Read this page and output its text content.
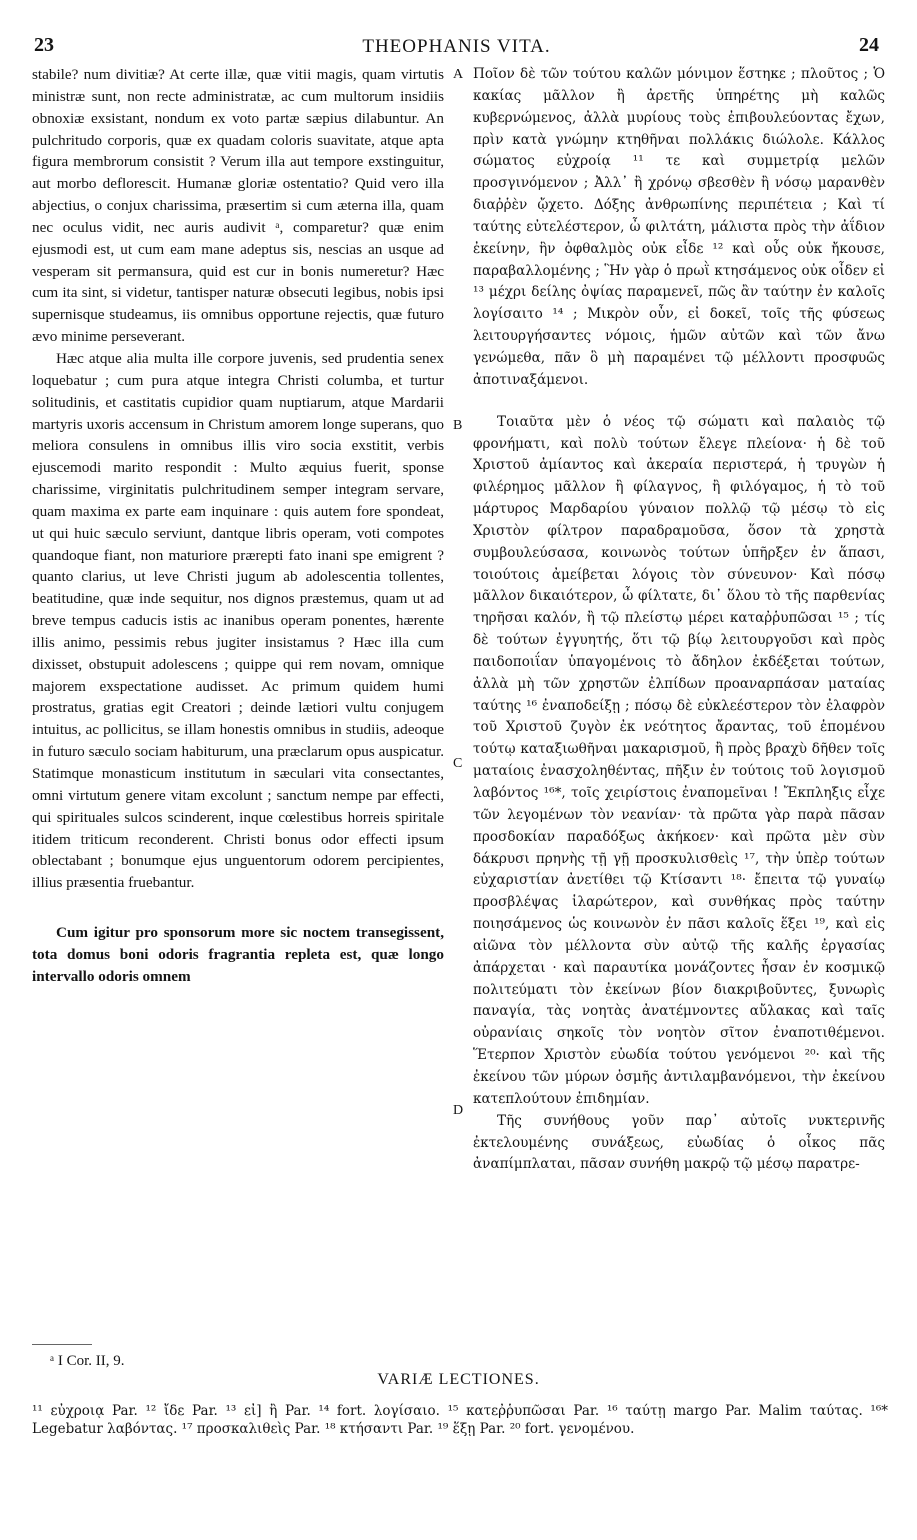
23	THEOPHANIS VITA.	24

stabile? num divitiæ? At certe illæ, quæ vitii magis, quam virtutis ministræ sunt, non recte administratæ, ac cum multorum insidiis obnoxiæ exsistant, nondum ex voto partæ sæpius dilabuntur. An pulchritudo corporis, quæ ex quadam coloris suavitate, atque apta figura membrorum consistit ? Verum illa aut tempore exstinguitur, aut morbo deflorescit. Humanæ gloriæ ostentatio? Quid vero illa abjectius, o conjux charissima, præsertim si cum æterna illa, quam nec oculus vidit, nec auris audivit ᵃ, comparetur? quæ enim ejusmodi est, ut cum eam mane adeptus sis, nescias an usque ad vesperam sit permansura, quid est cur in bonis numeretur? Hæc cum ita sint, si videtur, tantisper naturæ obsecuti legibus, nobis ipsi supernisque studeamus, iis omnibus opportune rejectis, quæ futuro ævo minime perseverant.

Hæc atque alia multa ille corpore juvenis, sed prudentia senex loquebatur ; cum pura atque integra Christi columba, et turtur solitudinis, et castitatis cupidior quam nuptiarum, atque Mardarii martyris uxoris accensum in Christum amorem longe superans, quo meliora consulens in omnibus illis viro socia exstitit, verbis ejuscemodi marito respondit : Multo æquius fuerit, sponse charissime, virginitatis pulchritudinem semper integram servare, quam maxima ex parte eam inquinare : quis autem fore spondeat, ut qui huic sæculo serviunt, dantque libris operam, voti compotes quandoque fiant, non maturiore prærepti fato inani spe emigrent ? quanto clarius, ut leve Christi jugum ab adolescentia tollentes, beatitudine, quæ inde sequitur, nos dignos præstemus, quam ut ad breve tempus caducis istis ac inanibus operam ponentes, hærente illis animo, pessimis rebus jugiter insistamus ? Hæc illa cum dixisset, obstupuit adolescens ; quippe qui rem novam, omnique majorem exspectatione audisset. Ac primum quidem humi prostratus, gratias egit Creatori ; deinde lætiori vultu conjugem intuitus, ac pollicitus, se illam honestis omnibus in studiis, adeoque in futuro sæculo sociam habiturum, una præclarum opus auspicatur. Statimque monasticum institutum in sæculari vita consectantes, omni virtutum genere vitam excolunt ; sanctum nempe par effecti, qui spirituales sulcos scinderent, inque cœlestibus horreis spiritale itidem triticum reconderent. Christi bonus odor effecti ipsum oblectabant ; bonumque ejus unguentorum odorem percipientes, illius præsentia fruebantur.

Cum igitur pro sponsorum more sic noctem transegissent, tota domus boni odoris fragrantia repleta est, quæ longo intervallo odoris omnem

A
B
C
D

Ποῖον δὲ τῶν τούτου καλῶν μόνιμον ἕστηκε ; πλοῦτος ; Ὁ κακίας μᾶλλον ἢ ἀρετῆς ὑπηρέτης μὴ καλῶς κυβερνώμενος, ἀλλὰ μυρίους τοὺς ἐπιβουλεύοντας ἔχων, πρὶν κατὰ γνώμην κτηθῆναι πολλάκις διώλολε. Κάλλος σώματος εὐχροίᾳ ¹¹ τε καὶ συμμετρίᾳ μελῶν προσγινόμενον ; Ἀλλ᾽ ἢ χρόνῳ σβεσθὲν ἢ νόσῳ μαρανθὲν διαῤῥὲν ᾤχετο. Δόξης ἀνθρωπίνης περιπέτεια ; Καὶ τί ταύτης εὐτελέστερον, ὦ φιλτάτη, μάλιστα πρὸς τὴν ἀΐδιον ἐκείνην, ἣν ὀφθαλμὸς οὐκ εἶδε ¹² καὶ οὖς οὐκ ἤκουσε, παραβαλλομένης ; Ἣν γὰρ ὁ πρωῒ κτησάμενος οὐκ οἶδεν εἰ ¹³ μέχρι δείλης ὀψίας παραμενεῖ, πῶς ἂν ταύτην ἐν καλοῖς λογίσαιτο ¹⁴ ; Μικρὸν οὖν, εἰ δοκεῖ, τοῖς τῆς φύσεως λειτουργήσαντες νόμοις, ἡμῶν αὐτῶν καὶ τῶν ἄνω γενώμεθα, πᾶν ὃ μὴ παραμένει τῷ μέλλοντι προσφυῶς ἀποτιναξάμενοι.

Τοιαῦτα μὲν ὁ νέος τῷ σώματι καὶ παλαιὸς τῷ φρονήματι, καὶ πολὺ τούτων ἔλεγε πλείονα· ἡ δὲ τοῦ Χριστοῦ ἀμίαντος καὶ ἀκεραία περιστερά, ἡ τρυγὼν ἡ φιλέρημος μᾶλλον ἢ φίλαγνος, ἢ φιλόγαμος, ἡ τὸ τοῦ μάρτυρος Μαρδαρίου γύναιον πολλῷ τῷ μέσῳ τὸ εἰς Χριστὸν φίλτρον παραδραμοῦσα, ὅσον τὰ χρηστὰ συμβουλεύσασα, κοινωνὸς τούτων ὑπῆρξεν ἐν ἅπασι, τοιούτοις ἀμείβεται λόγοις τὸν σύνευνον· Καὶ πόσῳ μᾶλλον δικαιότερον, ὦ φίλτατε, δι᾽ ὅλου τὸ τῆς παρθενίας τηρῆσαι καλόν, ἢ τῷ πλείστῳ μέρει καταῤῥυπῶσαι ¹⁵ ; τίς δὲ τούτων ἐγγυητής, ὅτι τῷ βίῳ λειτουργοῦσι καὶ πρὸς παιδοποιΐαν ὑπαγομένοις τὸ ἄδηλον ἐκδέξεται τούτων, ἀλλὰ μὴ τῶν χρηστῶν ἐλπίδων προαναρπάσαν ματαίας ταύτης ¹⁶ ἐναποδείξῃ ; πόσῳ δὲ εὐκλεέστερον τὸν ἐλαφρὸν τοῦ Χριστοῦ ζυγὸν ἐκ νεότητος ἄραντας, τοῦ ἑπομένου τούτῳ καταξιωθῆναι μακαρισμοῦ, ἢ πρὸς βραχὺ δῆθεν τοῖς ματαίοις ἐνασχοληθέντας, πῆξιν ἐν τούτοις τοῦ λογισμοῦ λαβόντος ¹⁶*, τοῖς χειρίστοις ἐναπομεῖναι ! Ἔκπληξις εἶχε τῶν λεγομένων τὸν νεανίαν· τὰ πρῶτα γὰρ παρὰ πᾶσαν προσδοκίαν παραδόξως ἀκήκοεν· καὶ πρῶτα μὲν σὺν δάκρυσι πρηνὴς τῇ γῇ προσκυλισθεὶς ¹⁷, τὴν ὑπὲρ τούτων εὐχαριστίαν ἀνετίθει τῷ Κτίσαντι ¹⁸· ἔπειτα τῷ γυναίῳ προσβλέψας ἱλαρώτερον, καὶ συνθήκας πρὸς ταύτην ποιησάμενος ὡς κοινωνὸν ἐν πᾶσι καλοῖς ἕξει ¹⁹, καὶ εἰς αἰῶνα τὸν μέλλοντα σὺν αὐτῷ τῆς καλῆς ἐργασίας ἀπάρχεται · καὶ παραυτίκα μονάζοντες ἦσαν ἐν κοσμικῷ πολιτεύματι τὸν ἐκείνων βίον διακριβοῦντες, ξυνωρὶς παναγία, τὰς νοητὰς ἀνατέμνοντες αὔλακας καὶ ταῖς οὐρανίαις σηκοῖς τὸν νοητὸν σῖτον ἐναποτιθέμενοι. Ἕτερπον Χριστὸν εὐωδία τούτου γενόμενοι ²⁰· καὶ τῆς ἐκείνου τῶν μύρων ὀσμῆς ἀντιλαμβανόμενοι, τὴν ἐκείνου κατεπλούτουν ἐπιδημίαν.

Τῆς συνήθους γοῦν παρ᾽ αὐτοῖς νυκτερινῆς ἐκτελουμένης συνάξεως, εὐωδίας ὁ οἶκος πᾶς ἀναπίμπλαται, πᾶσαν συνήθη μακρῷ τῷ μέσῳ παρατρε-

ᵃ I Cor. II, 9.
VARIÆ LECTIONES.
¹¹ εὐχροιᾳ Par. ¹² ἴδε Par. ¹³ εἰ] ἢ Par. ¹⁴ fort. λογίσαιο. ¹⁵ κατεῤῥυπῶσαι Par. ¹⁶ ταύτῃ margo Par. Malim ταύτας. ¹⁶* Legebatur λαβόντας. ¹⁷ προσκαλιθεὶς Par. ¹⁸ κτήσαντι Par. ¹⁹ ἕξῃ Par. ²⁰ fort. γενομένου.
